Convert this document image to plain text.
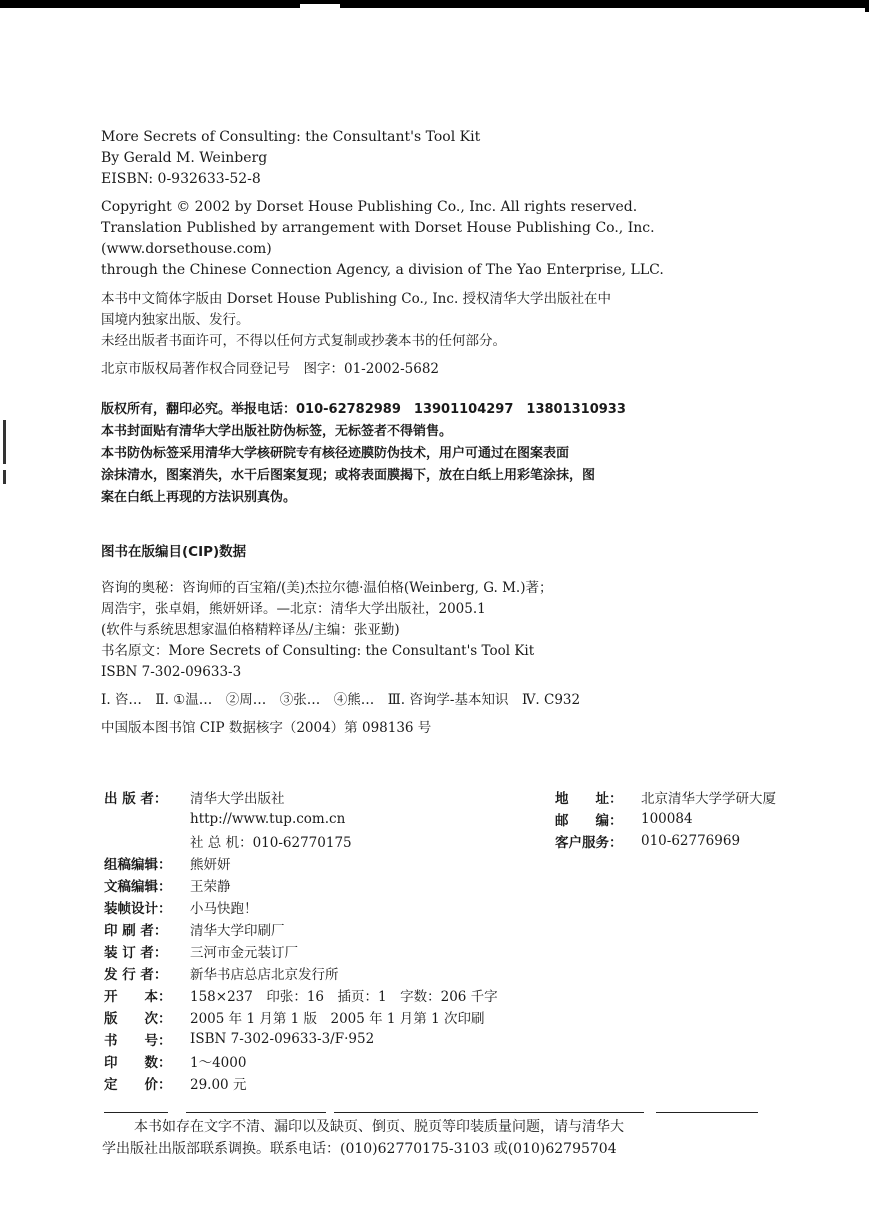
More Secrets of Consulting: the Consultant's Tool Kit
By Gerald M. Weinberg
EISBN: 0-932633-52-8
Copyright © 2002 by Dorset House Publishing Co., Inc. All rights reserved.
Translation Published by arrangement with Dorset House Publishing Co., Inc.
(www.dorsethouse.com)
through the Chinese Connection Agency, a division of The Yao Enterprise, LLC.
本书中文简体字版由 Dorset House Publishing Co., Inc. 授权清华大学出版社在中
国境内独家出版、发行。
未经出版者书面许可，不得以任何方式复制或抄袭本书的任何部分。
北京市版权局著作权合同登记号　图字：01-2002-5682
版权所有，翻印必究。举报电话：010-62782989　13901104297　13801310933
本书封面贴有清华大学出版社防伪标签，无标签者不得销售。
本书防伪标签采用清华大学核研院专有核径迹膜防伪技术，用户可通过在图案表面
涂抹清水，图案消失，水干后图案复现；或将表面膜揭下，放在白纸上用彩笔涂抹，图
案在白纸上再现的方法识别真伪。
图书在版编目(CIP)数据
咨询的奥秘：咨询师的百宝箱/(美)杰拉尔德·温伯格(Weinberg, G. M.)著；
周浩宇，张卓娟，熊妍妍译。—北京：清华大学出版社，2005.1
(软件与系统思想家温伯格精粹译丛/主编：张亚勤)
书名原文：More Secrets of Consulting: the Consultant's Tool Kit
ISBN 7-302-09633-3
Ⅰ. 咨…　Ⅱ. ①温…　②周…　③张…　④熊…　Ⅲ. 咨询学-基本知识　Ⅳ. C932
中国版本图书馆 CIP 数据核字（2004）第 098136 号
出 版 者：	清华大学出版社	地　　址：	北京清华大学学研大厦
http://www.tup.com.cn	邮　　编：	100084
社 总 机：010-62770175	客户服务：	010-62776969
组稿编辑：	熊妍妍
文稿编辑：	王荣静
装帧设计：	小马快跑！
印 刷 者：	清华大学印刷厂
装 订 者：	三河市金元装订厂
发 行 者：	新华书店总店北京发行所
开　　本：	158×237　印张：16　插页：1　字数：206 千字
版　　次：	2005 年 1 月第 1 版　2005 年 1 月第 1 次印刷
书　　号：	ISBN 7-302-09633-3/F·952
印　　数：	1～4000
定　　价：	29.00 元
本书如存在文字不清、漏印以及缺页、倒页、脱页等印装质量问题，请与清华大
学出版社出版部联系调换。联系电话：(010)62770175-3103 或(010)62795704
